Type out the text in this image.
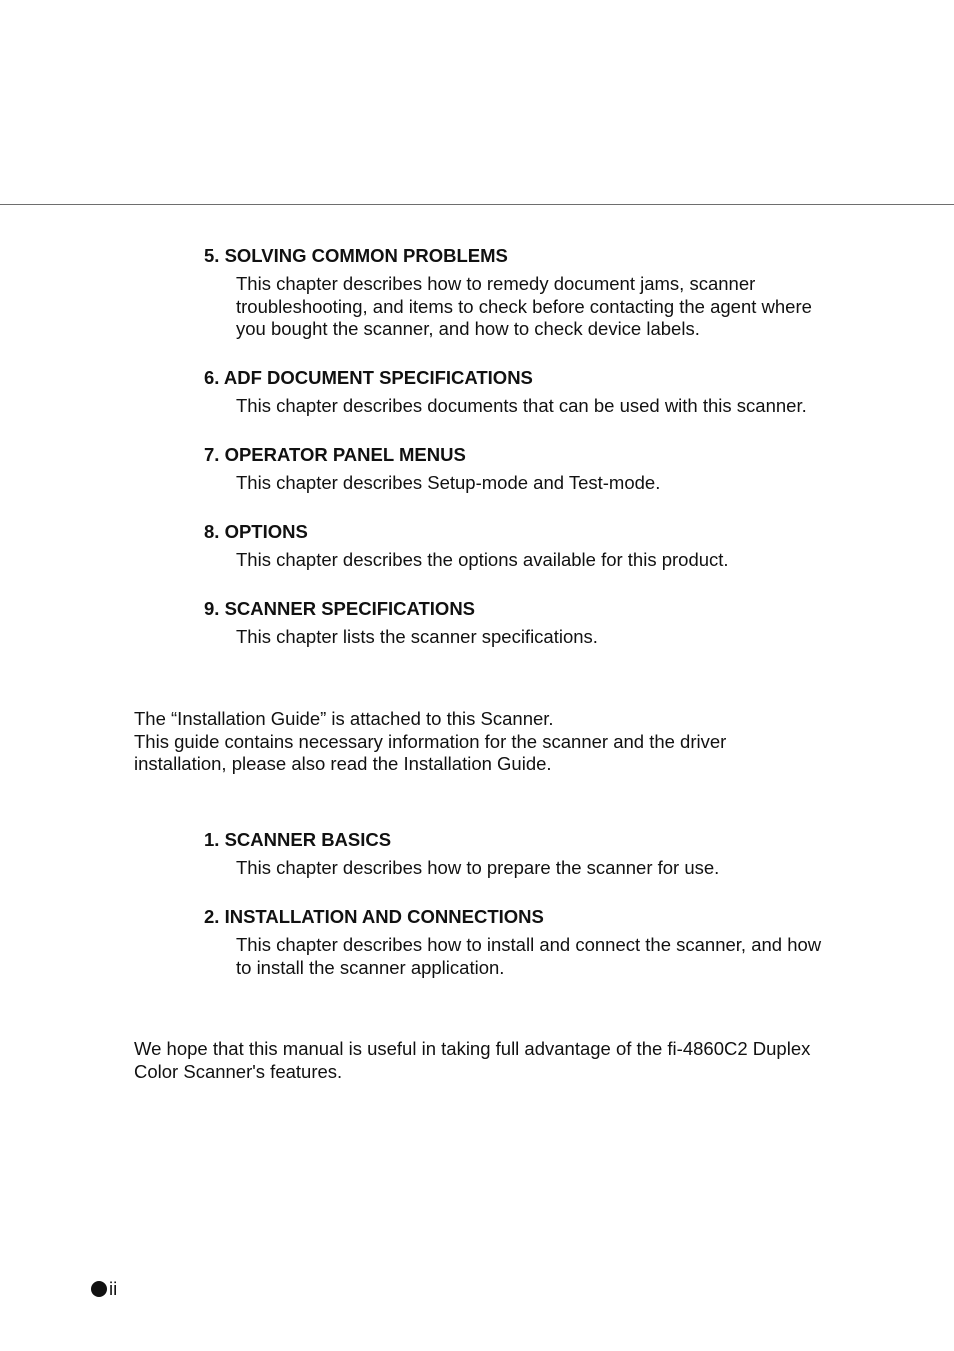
5. SOLVING COMMON PROBLEMS
This chapter describes how to remedy document jams, scanner
troubleshooting, and items to check before contacting the agent where
you bought the scanner, and how to check device labels.
6. ADF DOCUMENT SPECIFICATIONS
This chapter describes documents that can be used with this scanner.
7. OPERATOR PANEL MENUS
This chapter describes Setup-mode and Test-mode.
8. OPTIONS
This chapter describes the options available for this product.
9. SCANNER SPECIFICATIONS
This chapter lists the scanner specifications.
The “Installation Guide” is attached to this Scanner.
This guide contains necessary information for the scanner and the driver
installation, please also read the Installation Guide.
1. SCANNER BASICS
This chapter describes how to prepare the scanner for use.
2. INSTALLATION AND CONNECTIONS
This chapter describes how to install and connect the scanner, and how
to install the scanner application.
We hope that this manual is useful in taking full advantage of the fi-4860C2 Duplex
Color Scanner's features.
ii
